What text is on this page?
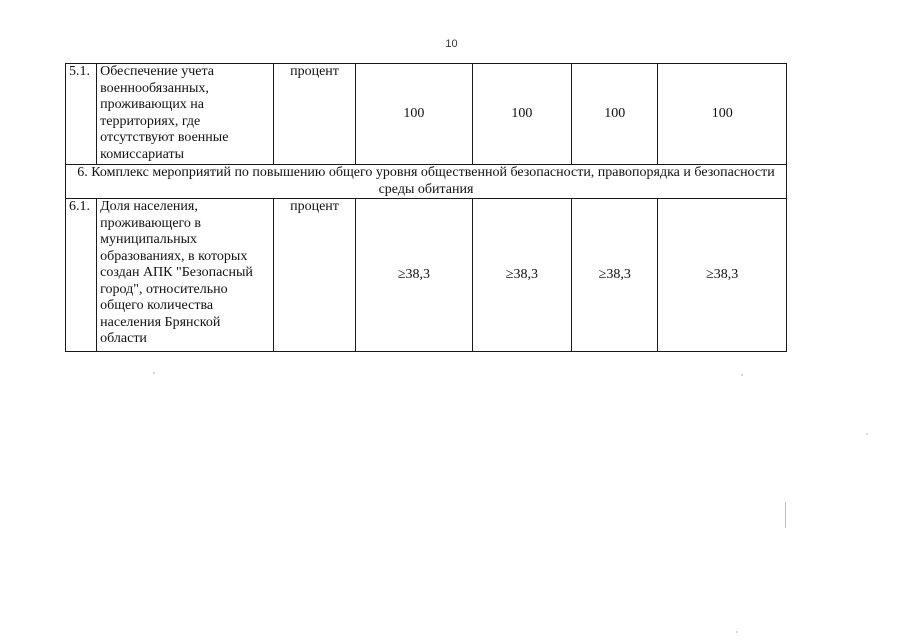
10
5.1.	Обеспечение учета военнообязанных, проживающих на территориях, где отсутствуют военные комиссариаты	процент	100	100	100	100
6. Комплекс мероприятий по повышению общего уровня общественной безопасности, правопорядка и безопасности среды обитания						
6.1.	Доля населения, проживающего в муниципальных образованиях, в которых создан АПК "Безопасный город", относительно общего количества населения Брянской области	процент	≥38,3	≥38,3	≥38,3	≥38,3
